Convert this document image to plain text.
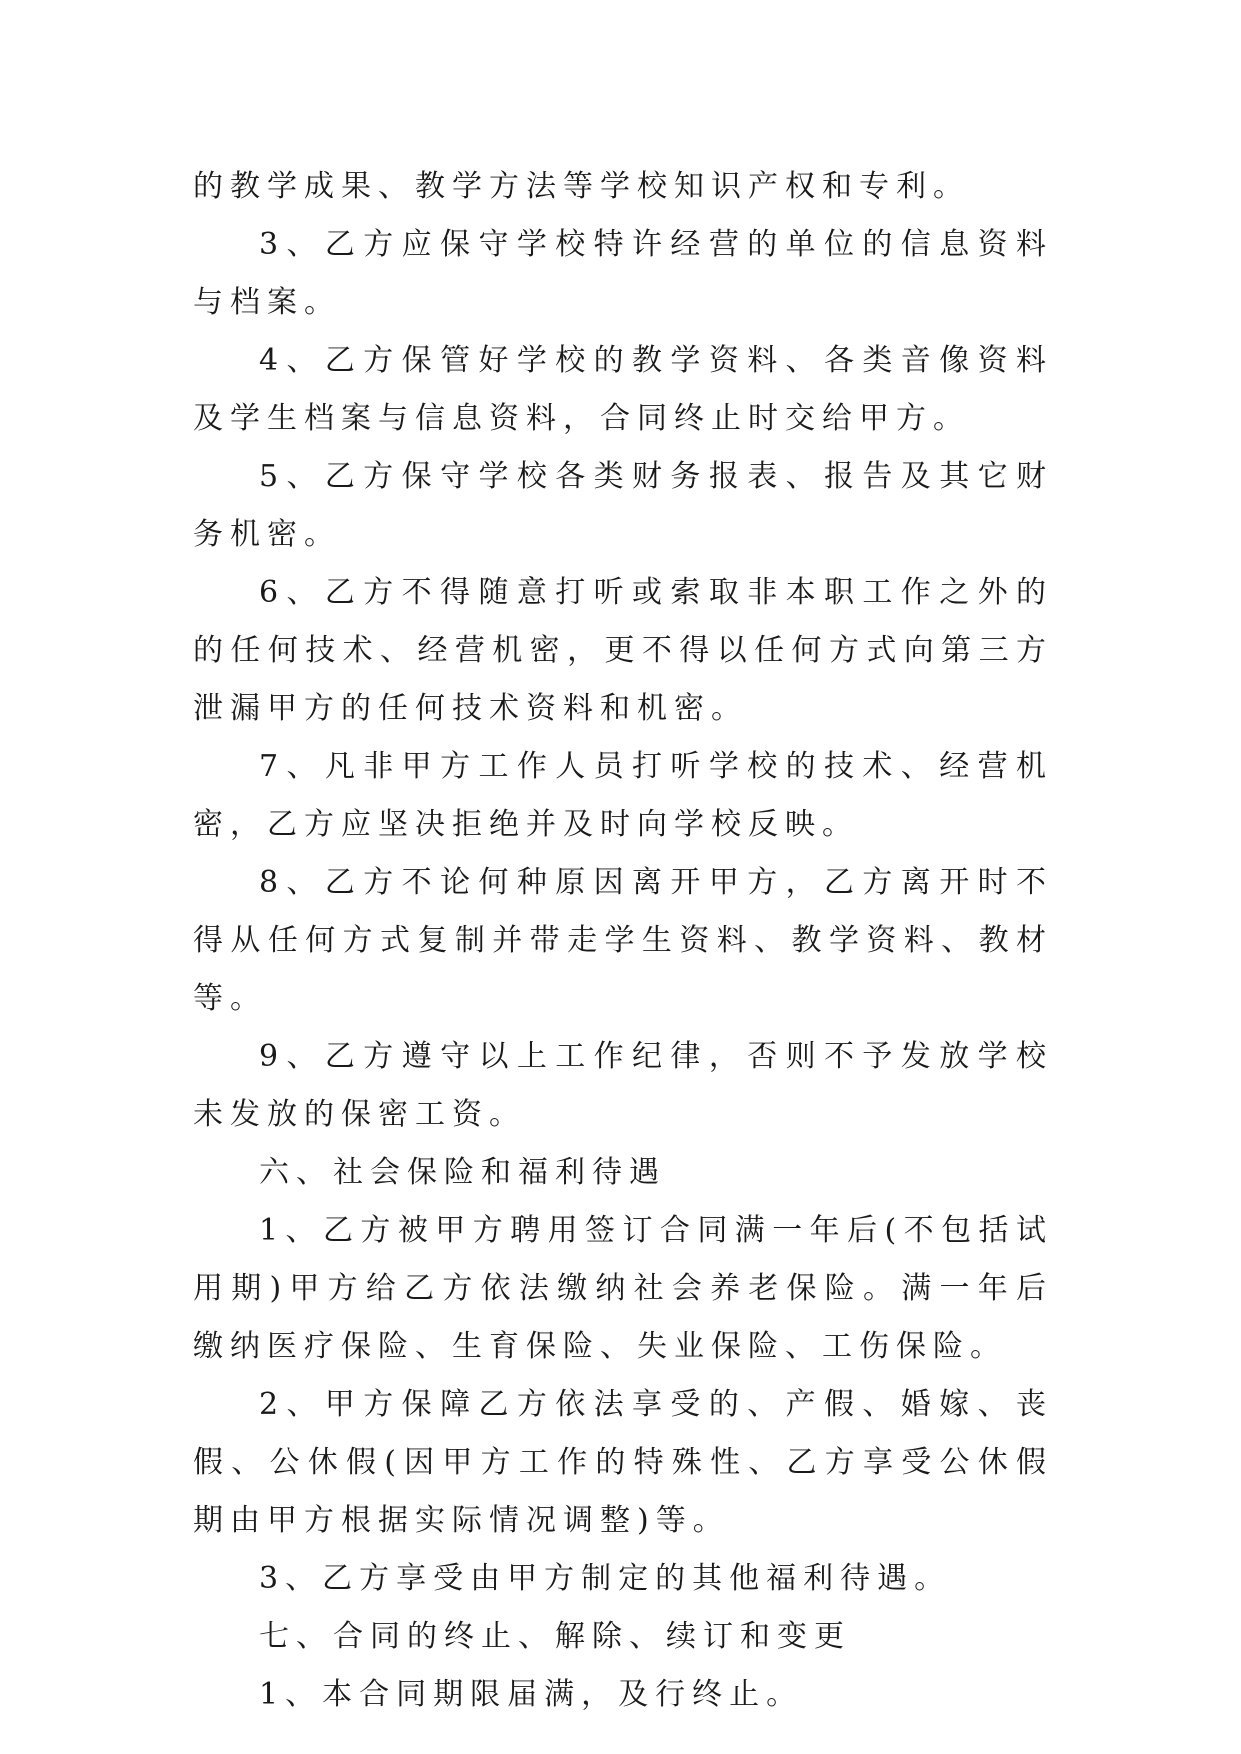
的教学成果、教学方法等学校知识产权和专利。

3、乙方应保守学校特许经营的单位的信息资料与档案。

4、乙方保管好学校的教学资料、各类音像资料及学生档案与信息资料，合同终止时交给甲方。

5、乙方保守学校各类财务报表、报告及其它财务机密。

6、乙方不得随意打听或索取非本职工作之外的的任何技术、经营机密，更不得以任何方式向第三方泄漏甲方的任何技术资料和机密。

7、凡非甲方工作人员打听学校的技术、经营机密，乙方应坚决拒绝并及时向学校反映。

8、乙方不论何种原因离开甲方，乙方离开时不得从任何方式复制并带走学生资料、教学资料、教材等。

9、乙方遵守以上工作纪律，否则不予发放学校未发放的保密工资。

六、社会保险和福利待遇

1、乙方被甲方聘用签订合同满一年后(不包括试用期)甲方给乙方依法缴纳社会养老保险。满一年后缴纳医疗保险、生育保险、失业保险、工伤保险。

2、甲方保障乙方依法享受的、产假、婚嫁、丧假、公休假(因甲方工作的特殊性、乙方享受公休假期由甲方根据实际情况调整)等。

3、乙方享受由甲方制定的其他福利待遇。

七、合同的终止、解除、续订和变更

1、本合同期限届满，及行终止。
